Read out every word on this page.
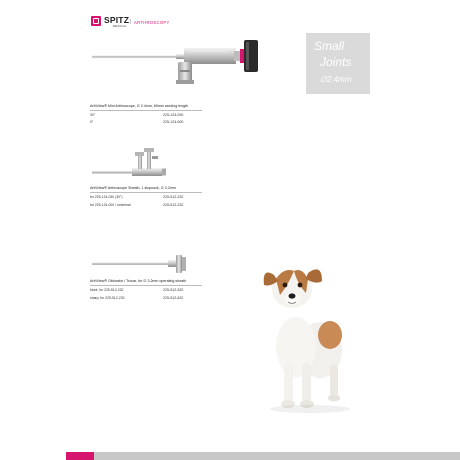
SPITZ
MEDICAL
| ARTHROSCOPY
Small
Joints
∅2.4mm
ArthView® Mini Arthroscope, ∅ 2.4mm, 69mm working length
30°	225-124-030
0°	225-124-000
ArthView® Arthroscope Sheath, 1 stopcock, ∅ 3.2mm
for 225-124-030 (30°)	225-512-232
for 225-124-000 / universal	225-512-232
ArthView® Obturator / Trocar, for ∅ 3.2mm operating sheath
blunt, for 225-512-232	225-512-532
sharp, for 225-512-232	225-512-632
